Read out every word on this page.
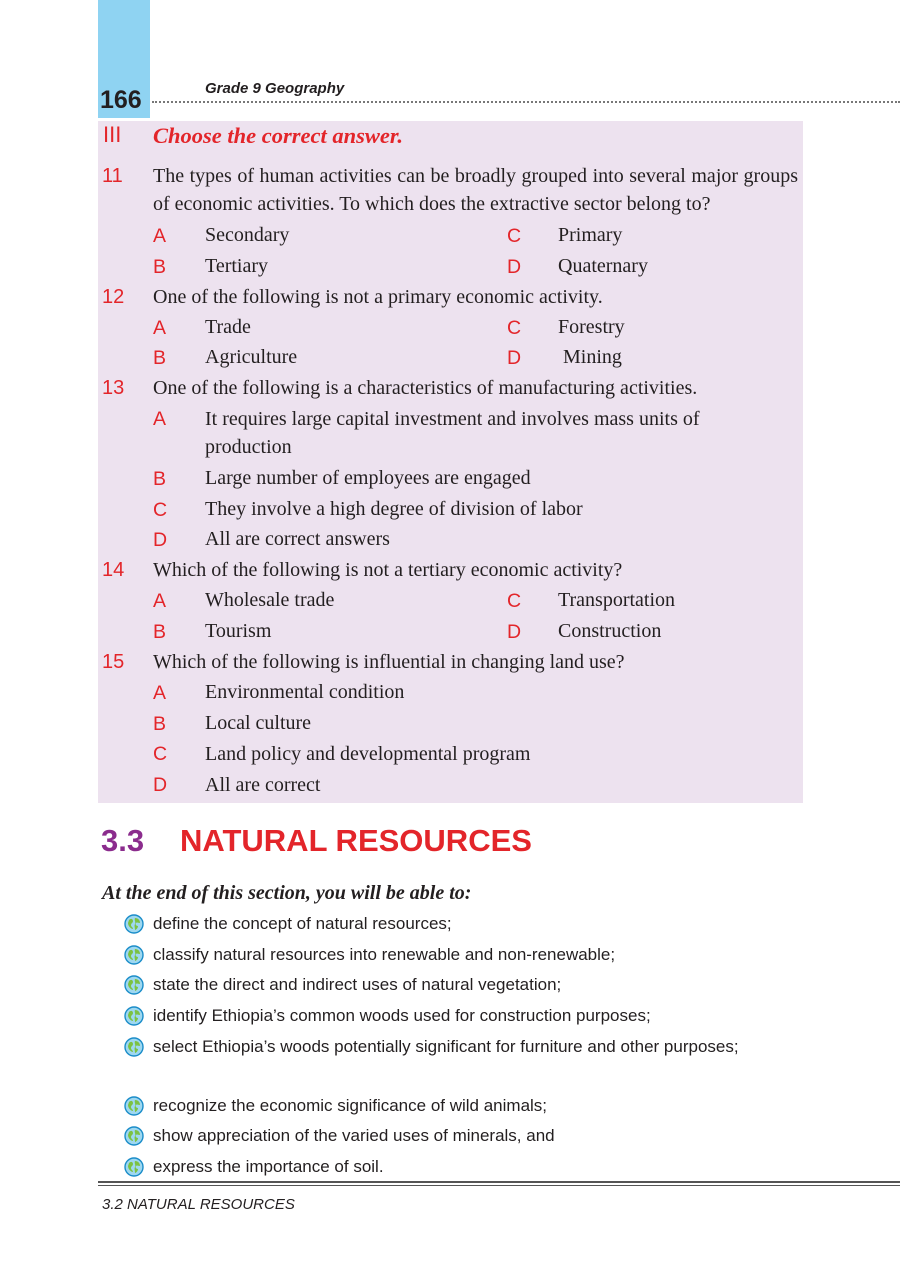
166	Grade 9 Geography
III Choose the correct answer.
11 The types of human activities can be broadly grouped into several major groups of economic activities. To which does the extractive sector belong to?
A Secondary	C Primary
B Tertiary	D Quaternary
12 One of the following is not a primary economic activity.
A Trade	C Forestry
B Agriculture	D Mining
13 One of the following is a characteristics of manufacturing activities.
A It requires large capital investment and involves mass units of production
B Large number of employees are engaged
C They involve a high degree of division of labor
D All are correct answers
14 Which of the following is not a tertiary economic activity?
A Wholesale trade	C Transportation
B Tourism	D Construction
15 Which of the following is influential in changing land use?
A Environmental condition
B Local culture
C Land policy and developmental program
D All are correct
3.3 NATURAL RESOURCES
At the end of this section, you will be able to:
define the concept of natural resources;
classify natural resources into renewable and non-renewable;
state the direct and indirect uses of natural vegetation;
identify Ethiopia’s common woods used for construction purposes;
select Ethiopia’s woods potentially significant for furniture and other purposes;
recognize the economic significance of wild animals;
show appreciation of the varied uses of minerals, and
express the importance of soil.
3.2 NATURAL RESOURCES
